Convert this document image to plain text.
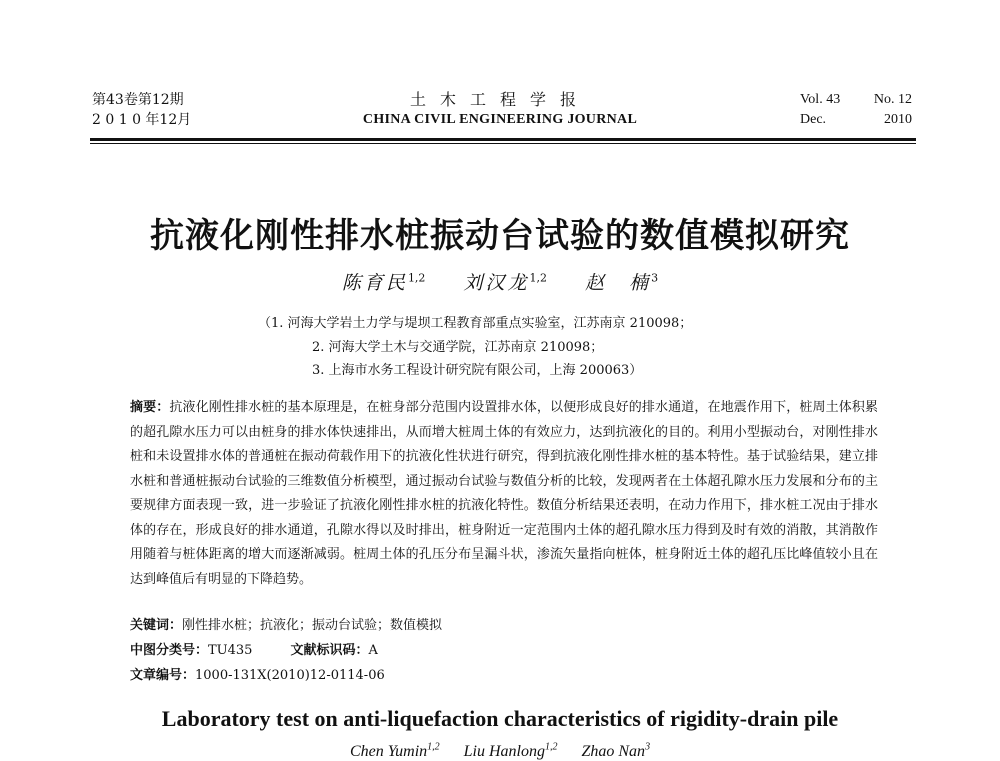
第43卷第12期
2 0 1 0 年12月
土木工程学报
CHINA CIVIL ENGINEERING JOURNAL
Vol. 43 No. 12
Dec.	2010
抗液化刚性排水桩振动台试验的数值模拟研究
陈育民$^{1,2}$ 刘汉龙$^{1,2}$ 赵　楠$^3$
（1. 河海大学岩土力学与堤坝工程教育部重点实验室，江苏南京 210098；
2. 河海大学土木与交通学院，江苏南京 210098；
3. 上海市水务工程设计研究院有限公司，上海 200063）
摘要：抗液化刚性排水桩的基本原理是，在桩身部分范围内设置排水体，以便形成良好的排水通道，在地震作用下，桩周土体积累的超孔隙水压力可以由桩身的排水体快速排出，从而增大桩周土体的有效应力，达到抗液化的目的。利用小型振动台，对刚性排水桩和未设置排水体的普通桩在振动荷载作用下的抗液化性状进行研究，得到抗液化刚性排水桩的基本特性。基于试验结果，建立排水桩和普通桩振动台试验的三维数值分析模型，通过振动台试验与数值分析的比较，发现两者在土体超孔隙水压力发展和分布的主要规律方面表现一致，进一步验证了抗液化刚性排水桩的抗液化特性。数值分析结果还表明，在动力作用下，排水桩工况由于排水体的存在，形成良好的排水通道，孔隙水得以及时排出，桩身附近一定范围内土体的超孔隙水压力得到及时有效的消散，其消散作用随着与桩体距离的增大而逐渐减弱。桩周土体的孔压分布呈漏斗状，渗流矢量指向桩体，桩身附近土体的超孔压比峰值较小且在达到峰值后有明显的下降趋势。
关键词：刚性排水桩；抗液化；振动台试验；数值模拟
中图分类号：TU435	文献标识码：A
文章编号：1000-131X(2010)12-0114-06
Laboratory test on anti-liquefaction characteristics of rigidity-drain pile
Chen Yumin$^{1,2}$ Liu Hanlong$^{1,2}$ Zhao Nan$^3$
